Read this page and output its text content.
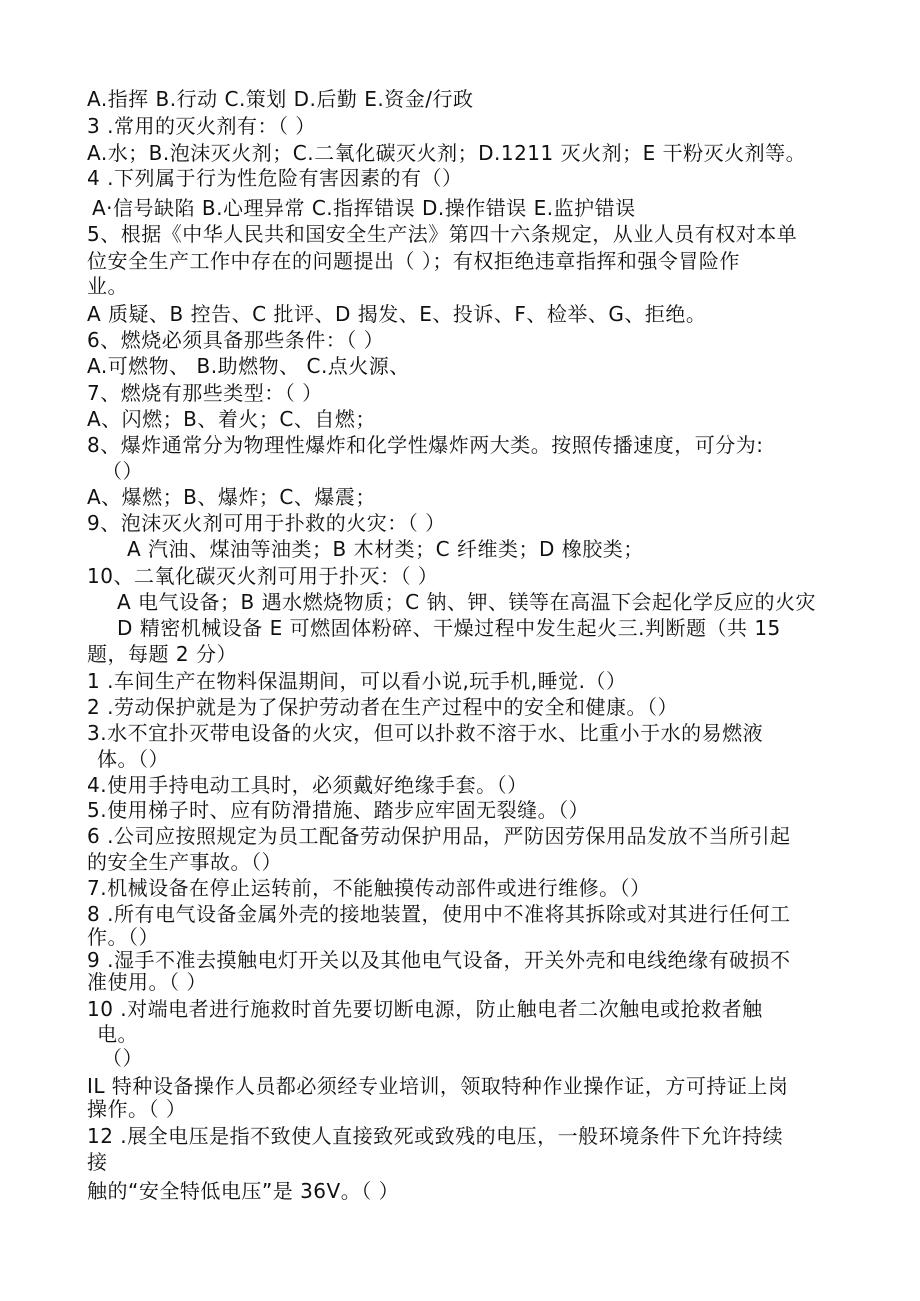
A.指挥 B.行动 C.策划 D.后勤 E.资金/行政
3 .常用的灭火剂有：（ ）
A.水；B.泡沫灭火剂；C.二氧化碳灭火剂；D.1211 灭火剂；E 干粉灭火剂等。
4 .下列属于行为性危险有害因素的有（）
A·信号缺陷 B.心理异常 C.指挥错误 D.操作错误 E.监护错误
5、根据《中华人民共和国安全生产法》第四十六条规定，从业人员有权对本单
位安全生产工作中存在的问题提出（ ）；有权拒绝违章指挥和强令冒险作
业。
A 质疑、B 控告、C 批评、D 揭发、E、投诉、F、检举、G、拒绝。
6、燃烧必须具备那些条件：（ ）
A.可燃物、 B.助燃物、 C.点火源、
7、燃烧有那些类型：（ ）
A、闪燃；B、着火；C、自燃；
8、爆炸通常分为物理性爆炸和化学性爆炸两大类。按照传播速度，可分为:
（）
A、爆燃；B、爆炸；C、爆震；
9、泡沫灭火剂可用于扑救的火灾：（ ）
A 汽油、煤油等油类；B 木材类；C 纤维类；D 橡胶类；
10、二氧化碳灭火剂可用于扑灭：（ ）
A 电气设备；B 遇水燃烧物质；C 钠、钾、镁等在高温下会起化学反应的火灾
D 精密机械设备 E 可燃固体粉碎、干燥过程中发生起火三.判断题（共 15
题，每题 2 分）
1 .车间生产在物料保温期间，可以看小说,玩手机,睡觉.（）
2 .劳动保护就是为了保护劳动者在生产过程中的安全和健康。（）
3.水不宜扑灭带电设备的火灾，但可以扑救不溶于水、比重小于水的易燃液
体。（）
4.使用手持电动工具时，必须戴好绝缘手套。（）
5.使用梯子时、应有防滑措施、踏步应牢固无裂缝。（）
6 .公司应按照规定为员工配备劳动保护用品，严防因劳保用品发放不当所引起
的安全生产事故。（）
7.机械设备在停止运转前，不能触摸传动部件或进行维修。（）
8 .所有电气设备金属外壳的接地装置，使用中不准将其拆除或对其进行任何工
作。（）
9 .湿手不准去摸触电灯开关以及其他电气设备，开关外壳和电线绝缘有破损不
准使用。（ ）
10 .对端电者进行施救时首先要切断电源，防止触电者二次触电或抢救者触
电。
（）
IL 特种设备操作人员都必须经专业培训，领取特种作业操作证，方可持证上岗
操作。（ ）
12 .展全电压是指不致使人直接致死或致残的电压，一般环境条件下允许持续
接
触的“安全特低电压”是 36V。（ ）
